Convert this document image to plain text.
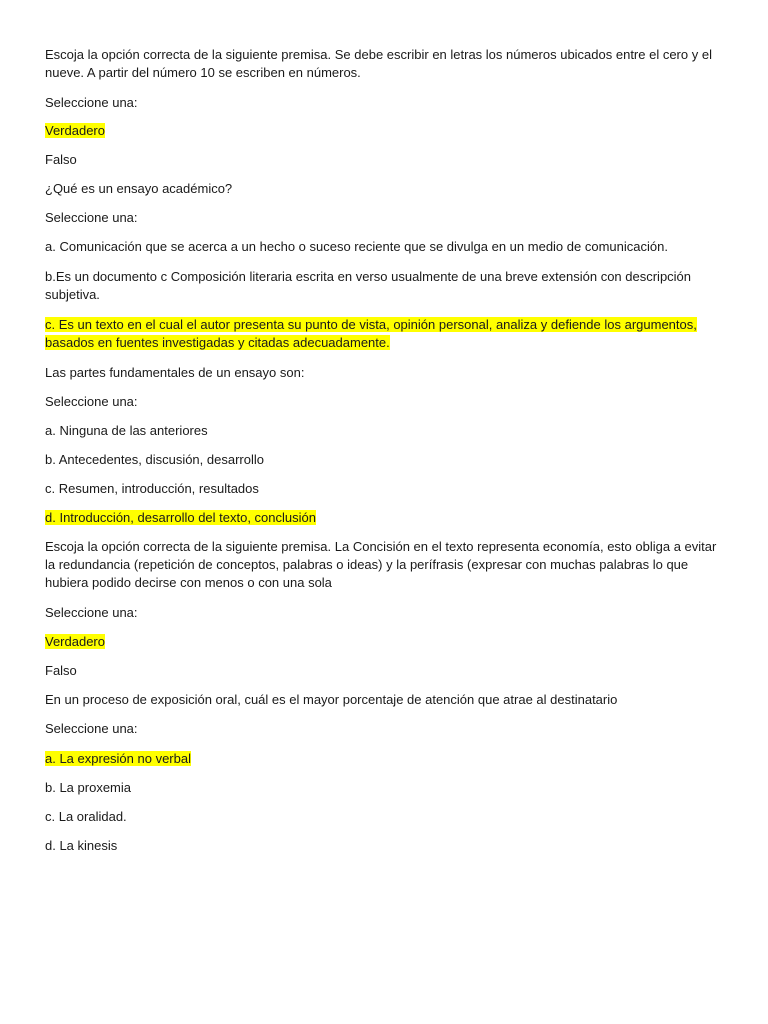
Escoja la opción correcta de la siguiente premisa. Se debe escribir en letras los números ubicados entre el cero y el nueve. A partir del número 10 se escriben en números.

Seleccione una:

Verdadero

Falso

¿Qué es un ensayo académico?

Seleccione una:

a. Comunicación que se acerca a un hecho o suceso reciente que se divulga en un medio de comunicación.

b.Es un documento c Composición literaria escrita en verso usualmente de una breve extensión con descripción subjetiva.

c. Es un texto en el cual el autor presenta su punto de vista, opinión personal, analiza y defiende los argumentos, basados en fuentes investigadas y citadas adecuadamente.

Las partes fundamentales de un ensayo son:

Seleccione una:

a. Ninguna de las anteriores

b. Antecedentes, discusión, desarrollo

c. Resumen, introducción, resultados

d. Introducción, desarrollo del texto, conclusión

Escoja la opción correcta de la siguiente premisa. La Concisión en el texto representa economía, esto obliga a evitar la redundancia (repetición de conceptos, palabras o ideas) y la perífrasis (expresar con muchas palabras lo que hubiera podido decirse con menos o con una sola

Seleccione una:

Verdadero

Falso

En un proceso de exposición oral, cuál es el mayor porcentaje de atención que atrae al destinatario

Seleccione una:

a. La expresión no verbal

b. La proxemia

c. La oralidad.

d. La kinesis
